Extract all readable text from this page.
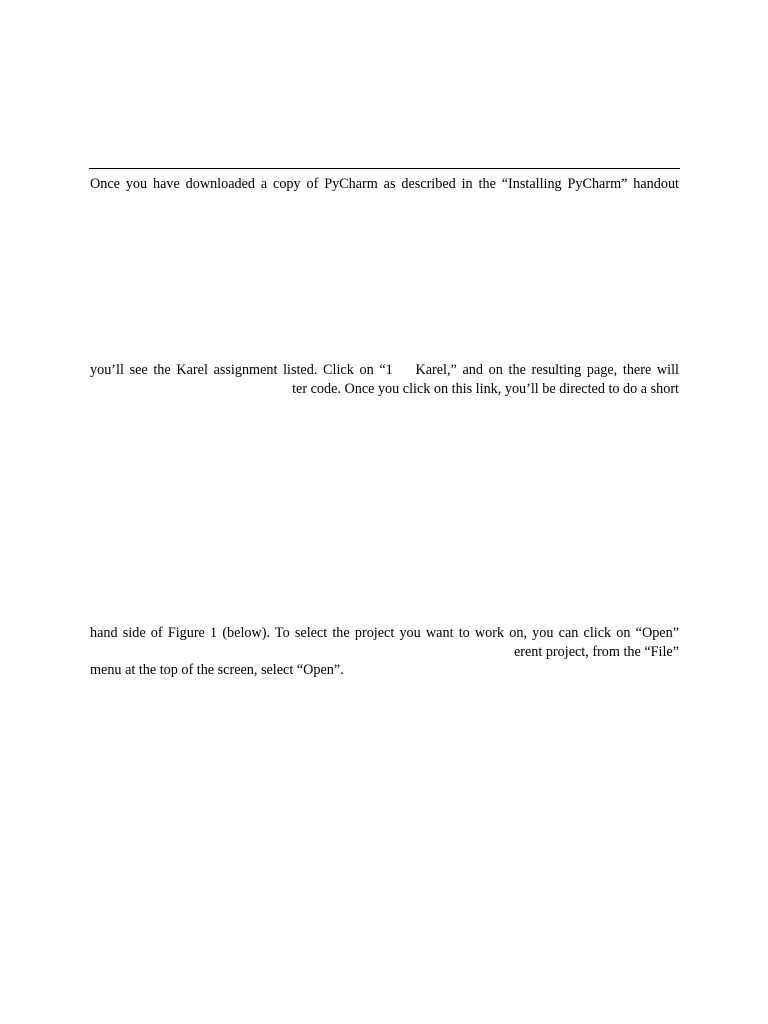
Once you have downloaded a copy of PyCharm as described in the “Installing PyCharm” handout
you’ll see the Karel assignment listed. Click on “1    Karel,” and on the resulting page, there will
ter code. Once you click on this link, you’ll be directed to do a short
hand side of Figure 1 (below). To select the project you want to work on, you can click on “Open”
erent project, from the “File”
menu at the top of the screen, select “Open”.
